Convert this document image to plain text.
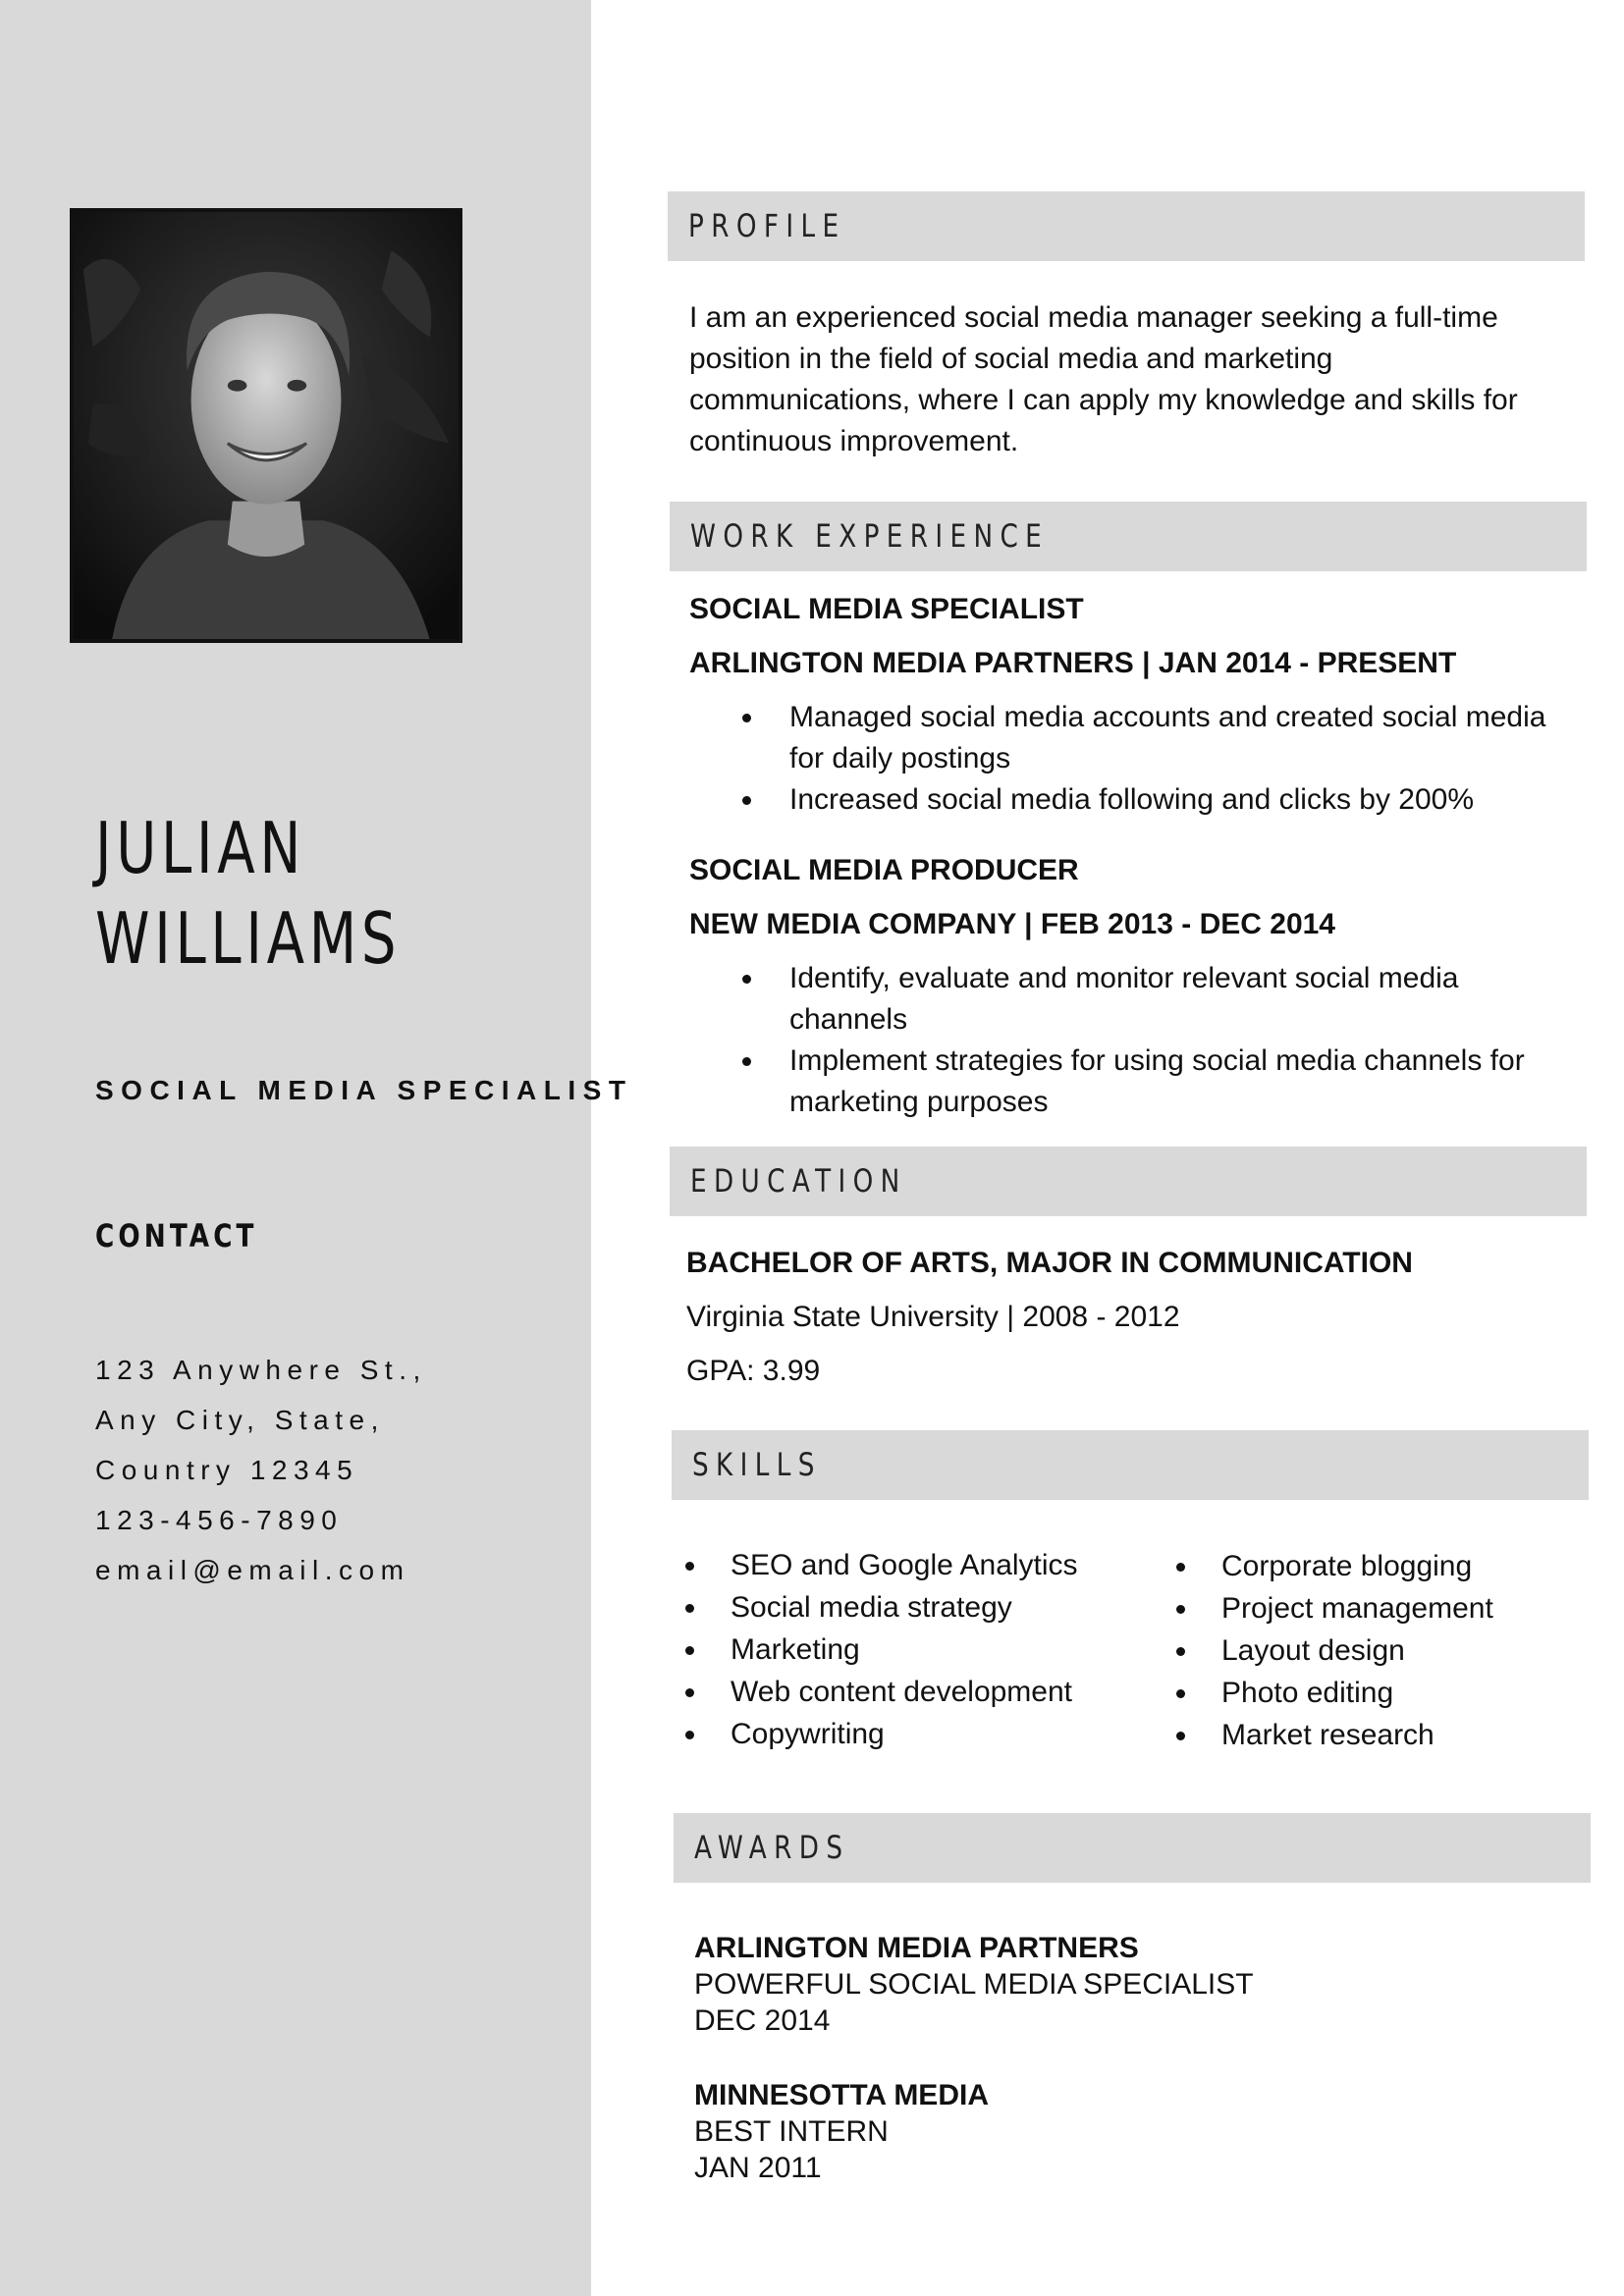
JULIAN
WILLIAMS
SOCIAL MEDIA SPECIALIST
CONTACT
123 Anywhere St.,
Any City, State,
Country 12345
123-456-7890
email@email.com
PROFILE
I am an experienced social media manager seeking a full-time
position in the field of social media and marketing
communications, where I can apply my knowledge and skills for
continuous improvement.
WORK EXPERIENCE
SOCIAL MEDIA SPECIALIST
ARLINGTON MEDIA PARTNERS | JAN 2014 - PRESENT
Managed social media accounts and created social media for daily postings
Increased social media following and clicks by 200%
SOCIAL MEDIA PRODUCER
NEW MEDIA COMPANY | FEB 2013 - DEC 2014
Identify, evaluate and monitor relevant social media channels
Implement strategies for using social media channels for marketing purposes
EDUCATION
BACHELOR OF ARTS, MAJOR IN COMMUNICATION
Virginia State University | 2008 - 2012
GPA: 3.99
SKILLS
SEO and Google Analytics
Social media strategy
Marketing
Web content development
Copywriting
Corporate blogging
Project management
Layout design
Photo editing
Market research
AWARDS
ARLINGTON MEDIA PARTNERS
POWERFUL SOCIAL MEDIA SPECIALIST
DEC 2014
MINNESOTTA MEDIA
BEST INTERN
JAN 2011
